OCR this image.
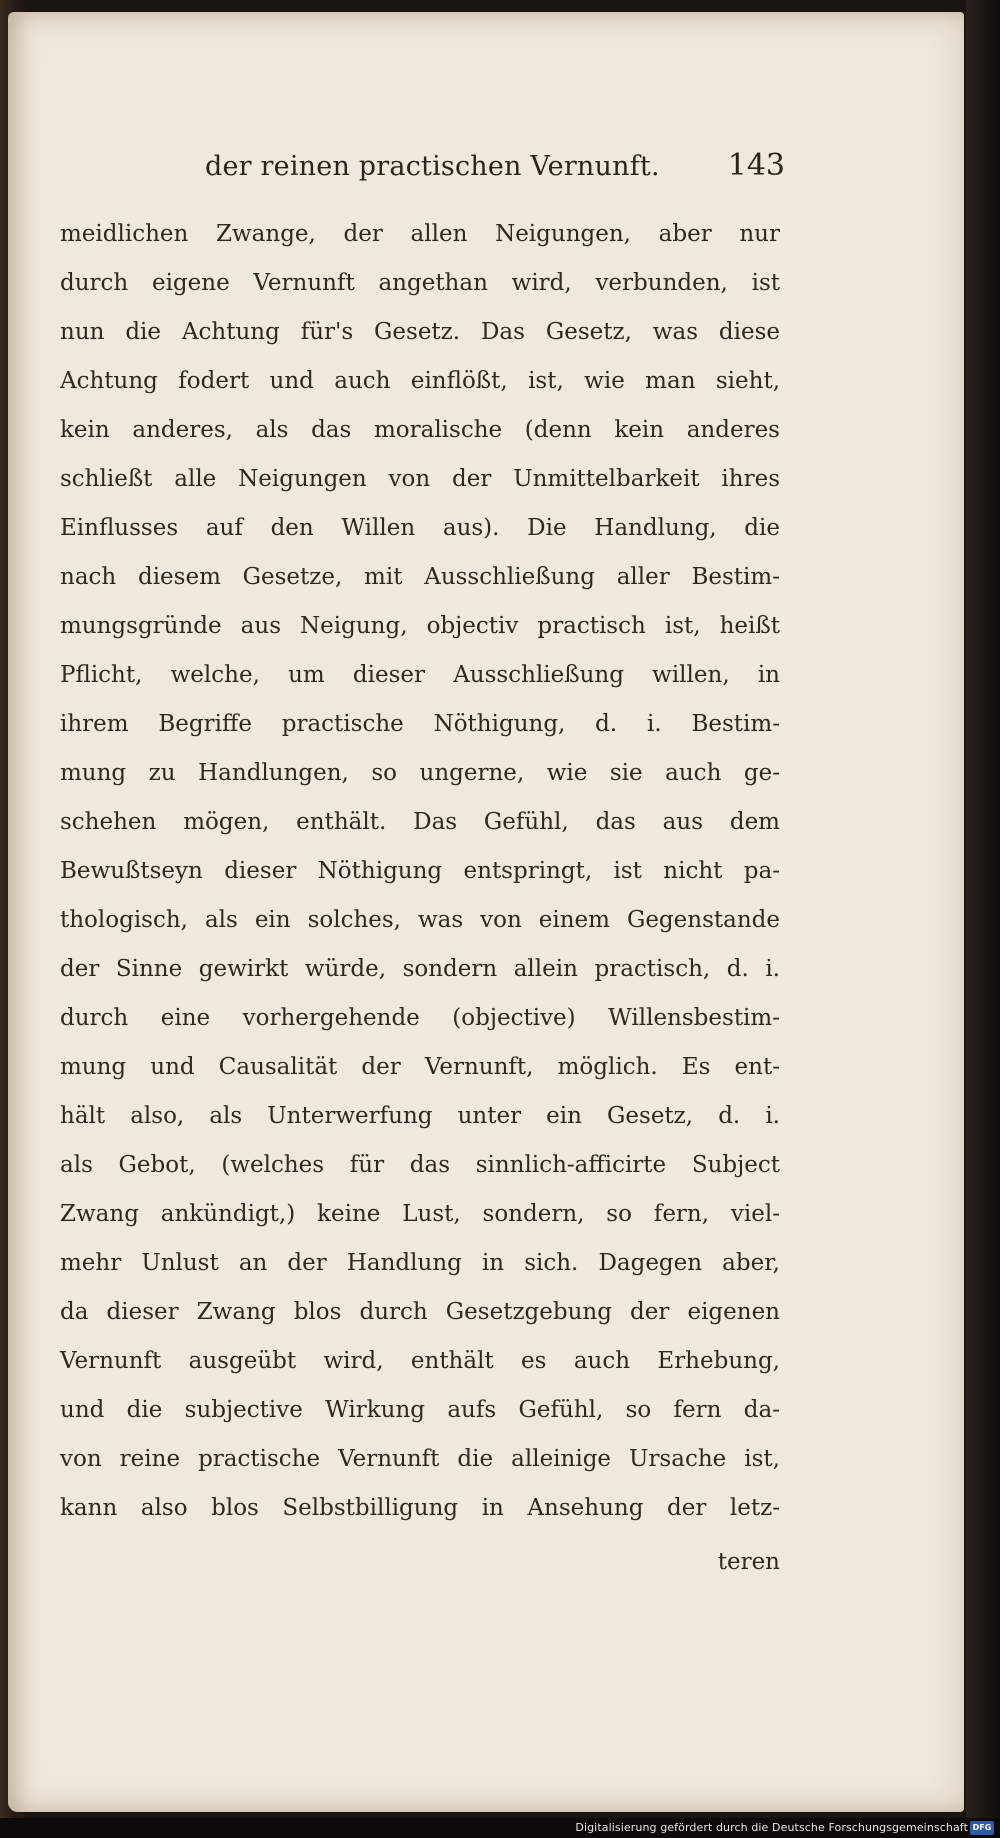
der reinen practischen Vernunft. 143
meidlichen Zwange, der allen Neigungen, aber nur
durch eigene Vernunft angethan wird, verbunden, ist
nun die Achtung für's Gesetz. Das Gesetz, was diese
Achtung fodert und auch einflößt, ist, wie man sieht,
kein anderes, als das moralische (denn kein anderes
schließt alle Neigungen von der Unmittelbarkeit ihres
Einflusses auf den Willen aus). Die Handlung, die
nach diesem Gesetze, mit Ausschließung aller Bestim-
mungsgründe aus Neigung, objectiv practisch ist, heißt
Pflicht, welche, um dieser Ausschließung willen, in
ihrem Begriffe practische Nöthigung, d. i. Bestim-
mung zu Handlungen, so ungerne, wie sie auch ge-
schehen mögen, enthält. Das Gefühl, das aus dem
Bewußtseyn dieser Nöthigung entspringt, ist nicht pa-
thologisch, als ein solches, was von einem Gegenstande
der Sinne gewirkt würde, sondern allein practisch, d. i.
durch eine vorhergehende (objective) Willensbestim-
mung und Causalität der Vernunft, möglich. Es ent-
hält also, als Unterwerfung unter ein Gesetz, d. i.
als Gebot, (welches für das sinnlich-afficirte Subject
Zwang ankündigt,) keine Lust, sondern, so fern, viel-
mehr Unlust an der Handlung in sich. Dagegen aber,
da dieser Zwang blos durch Gesetzgebung der eigenen
Vernunft ausgeübt wird, enthält es auch Erhebung,
und die subjective Wirkung aufs Gefühl, so fern da-
von reine practische Vernunft die alleinige Ursache ist,
kann also blos Selbstbilligung in Ansehung der letz-
teren
Digitalisierung gefördert durch die Deutsche Forschungsgemeinschaft DFG
